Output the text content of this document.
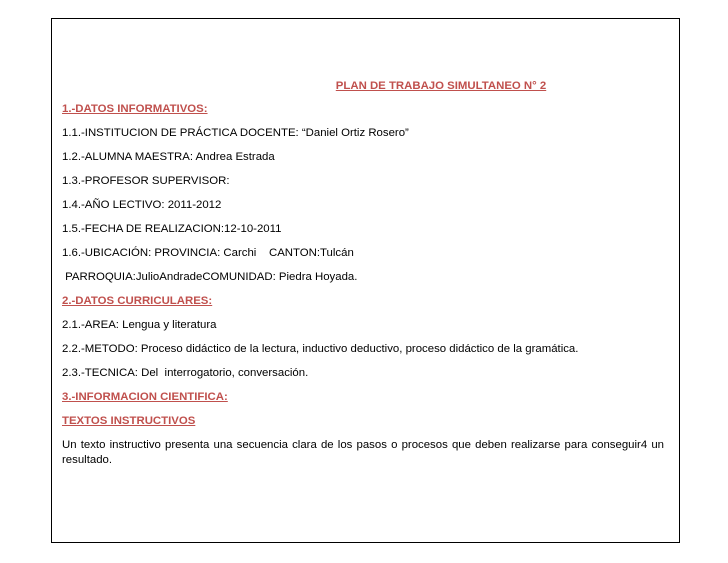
PLAN DE TRABAJO SIMULTANEO N° 2
1.-DATOS INFORMATIVOS:
1.1.-INSTITUCION DE PRÁCTICA DOCENTE: “Daniel Ortiz Rosero”
1.2.-ALUMNA MAESTRA: Andrea Estrada
1.3.-PROFESOR SUPERVISOR:
1.4.-AÑO LECTIVO: 2011-2012
1.5.-FECHA DE REALIZACION:12-10-2011
1.6.-UBICACIÓN: PROVINCIA: Carchi    CANTON:Tulcán
PARROQUIA:JulioAndradeCOMUNIDAD: Piedra Hoyada.
2.-DATOS CURRICULARES:
2.1.-AREA: Lengua y literatura
2.2.-METODO: Proceso didáctico de la lectura, inductivo deductivo, proceso didáctico de la gramática.
2.3.-TECNICA: Del  interrogatorio, conversación.
3.-INFORMACION CIENTIFICA:
TEXTOS INSTRUCTIVOS
Un texto instructivo presenta una secuencia clara de los pasos o procesos que deben realizarse para conseguir4 un resultado.
